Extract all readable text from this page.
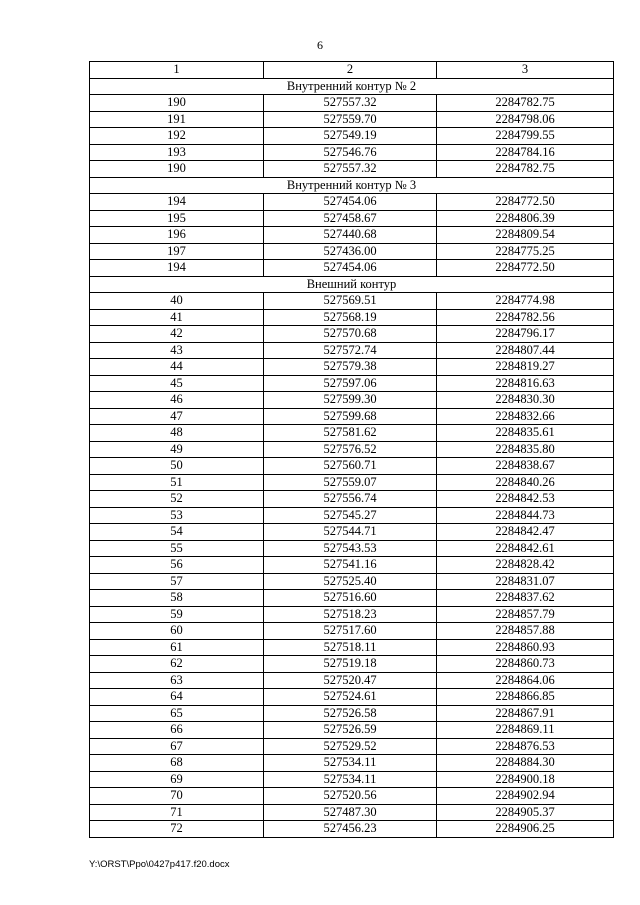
6
1	2	3
Внутренний контур № 2		
190	527557.32	2284782.75
191	527559.70	2284798.06
192	527549.19	2284799.55
193	527546.76	2284784.16
190	527557.32	2284782.75
Внутренний контур № 3		
194	527454.06	2284772.50
195	527458.67	2284806.39
196	527440.68	2284809.54
197	527436.00	2284775.25
194	527454.06	2284772.50
Внешний контур		
40	527569.51	2284774.98
41	527568.19	2284782.56
42	527570.68	2284796.17
43	527572.74	2284807.44
44	527579.38	2284819.27
45	527597.06	2284816.63
46	527599.30	2284830.30
47	527599.68	2284832.66
48	527581.62	2284835.61
49	527576.52	2284835.80
50	527560.71	2284838.67
51	527559.07	2284840.26
52	527556.74	2284842.53
53	527545.27	2284844.73
54	527544.71	2284842.47
55	527543.53	2284842.61
56	527541.16	2284828.42
57	527525.40	2284831.07
58	527516.60	2284837.62
59	527518.23	2284857.79
60	527517.60	2284857.88
61	527518.11	2284860.93
62	527519.18	2284860.73
63	527520.47	2284864.06
64	527524.61	2284866.85
65	527526.58	2284867.91
66	527526.59	2284869.11
67	527529.52	2284876.53
68	527534.11	2284884.30
69	527534.11	2284900.18
70	527520.56	2284902.94
71	527487.30	2284905.37
72	527456.23	2284906.25
Y:\ORST\Ppo\0427p417.f20.docx
